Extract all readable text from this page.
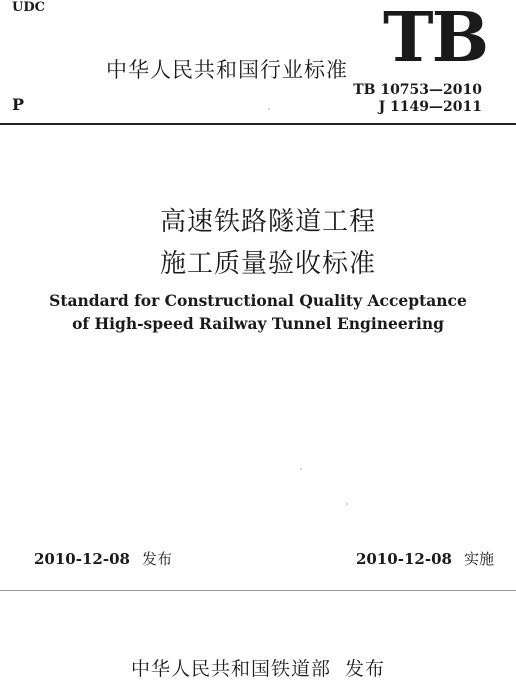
UDC
中华人民共和国行业标准 TB
P
TB 10753—2010
J 1149—2011
高速铁路隧道工程
施工质量验收标准
Standard for Constructional Quality Acceptance
of High-speed Railway Tunnel Engineering
2010-12-08 发布	2010-12-08 实施
中华人民共和国铁道部 发布
